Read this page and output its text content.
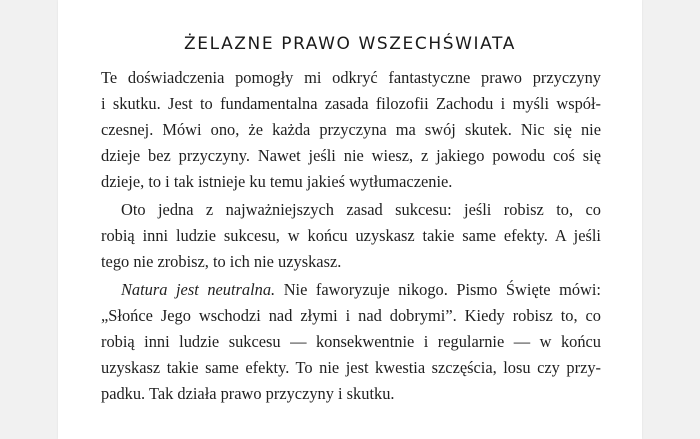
ŻELAZNE PRAWO WSZECHŚWIATA
Te doświadczenia pomogły mi odkryć fantastyczne prawo przyczyny
i skutku. Jest to fundamentalna zasada filozofii Zachodu i myśli współ-
czesnej. Mówi ono, że każda przyczyna ma swój skutek. Nic się nie
dzieje bez przyczyny. Nawet jeśli nie wiesz, z jakiego powodu coś się
dzieje, to i tak istnieje ku temu jakieś wytłumaczenie.
Oto jedna z najważniejszych zasad sukcesu: jeśli robisz to, co
robią inni ludzie sukcesu, w końcu uzyskasz takie same efekty. A jeśli
tego nie zrobisz, to ich nie uzyskasz.
Natura jest neutralna. Nie faworyzuje nikogo. Pismo Święte mówi:
„Słońce Jego wschodzi nad złymi i nad dobrymi”. Kiedy robisz to, co
robią inni ludzie sukcesu — konsekwentnie i regularnie — w końcu
uzyskasz takie same efekty. To nie jest kwestia szczęścia, losu czy przy-
padku. Tak działa prawo przyczyny i skutku.
